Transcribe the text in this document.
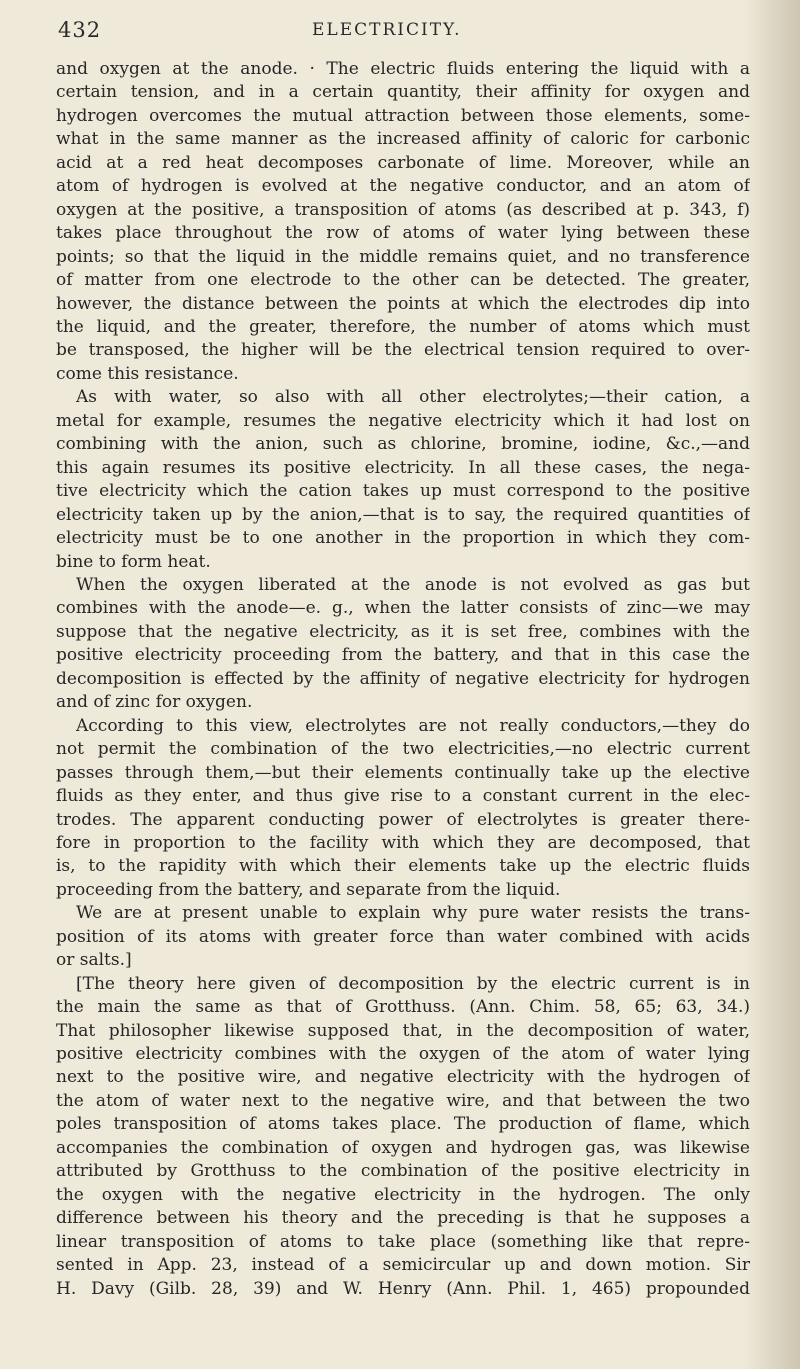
432	ELECTRICITY.
and oxygen at the anode. · The electric fluids entering the liquid with a
certain tension, and in a certain quantity, their affinity for oxygen and
hydrogen overcomes the mutual attraction between those elements, some-
what in the same manner as the increased affinity of caloric for carbonic
acid at a red heat decomposes carbonate of lime. Moreover, while an
atom of hydrogen is evolved at the negative conductor, and an atom of
oxygen at the positive, a transposition of atoms (as described at p. 343, f)
takes place throughout the row of atoms of water lying between these
points; so that the liquid in the middle remains quiet, and no transference
of matter from one electrode to the other can be detected. The greater,
however, the distance between the points at which the electrodes dip into
the liquid, and the greater, therefore, the number of atoms which must
be transposed, the higher will be the electrical tension required to over-
come this resistance.
As with water, so also with all other electrolytes;—their cation, a
metal for example, resumes the negative electricity which it had lost on
combining with the anion, such as chlorine, bromine, iodine, &c.,—and
this again resumes its positive electricity. In all these cases, the nega-
tive electricity which the cation takes up must correspond to the positive
electricity taken up by the anion,—that is to say, the required quantities of
electricity must be to one another in the proportion in which they com-
bine to form heat.
When the oxygen liberated at the anode is not evolved as gas but
combines with the anode—e. g., when the latter consists of zinc—we may
suppose that the negative electricity, as it is set free, combines with the
positive electricity proceeding from the battery, and that in this case the
decomposition is effected by the affinity of negative electricity for hydrogen
and of zinc for oxygen.
According to this view, electrolytes are not really conductors,—they do
not permit the combination of the two electricities,—no electric current
passes through them,—but their elements continually take up the elective
fluids as they enter, and thus give rise to a constant current in the elec-
trodes. The apparent conducting power of electrolytes is greater there-
fore in proportion to the facility with which they are decomposed, that
is, to the rapidity with which their elements take up the electric fluids
proceeding from the battery, and separate from the liquid.
We are at present unable to explain why pure water resists the trans-
position of its atoms with greater force than water combined with acids
or salts.]
[The theory here given of decomposition by the electric current is in
the main the same as that of Grotthuss. (Ann. Chim. 58, 65; 63, 34.)
That philosopher likewise supposed that, in the decomposition of water,
positive electricity combines with the oxygen of the atom of water lying
next to the positive wire, and negative electricity with the hydrogen of
the atom of water next to the negative wire, and that between the two
poles transposition of atoms takes place. The production of flame, which
accompanies the combination of oxygen and hydrogen gas, was likewise
attributed by Grotthuss to the combination of the positive electricity in
the oxygen with the negative electricity in the hydrogen. The only
difference between his theory and the preceding is that he supposes a
linear transposition of atoms to take place (something like that repre-
sented in App. 23, instead of a semicircular up and down motion. Sir
H. Davy (Gilb. 28, 39) and W. Henry (Ann. Phil. 1, 465) propounded
